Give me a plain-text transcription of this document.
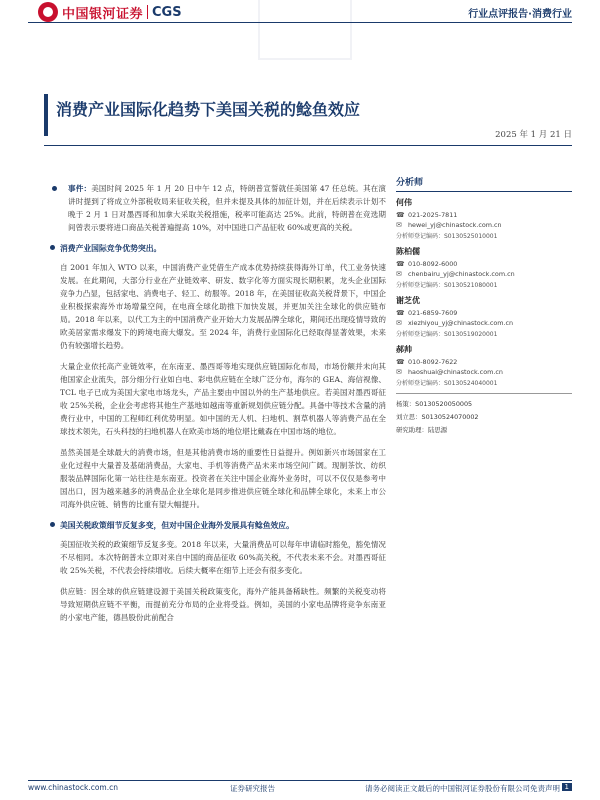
中国银河证券 CGS	行业点评报告·消费行业
消费产业国际化趋势下美国关税的鲶鱼效应
2025 年 1 月 21 日
事件：美国时间 2025 年 1 月 20 日中午 12 点，特朗普宣誓就任美国第 47 任总统。其在演讲时提到了将成立外部税收局来征收关税，但并未提及具体的加征计划，并在后续表示计划不晚于 2 月 1 日对墨西哥和加拿大采取关税措施，税率可能高达 25%。此前，特朗普在竞选期间曾表示要将进口商品关税普遍提高 10%，对中国进口产品征收 60%或更高的关税。
消费产业国际竞争优势突出。

自 2001 年加入 WTO 以来，中国消费产业凭借生产成本优势持续获得海外订单，代工业务快速发展。在此期间，大部分行业在产业链效率、研发、数字化等方面实现长期积累，龙头企业国际竞争力凸显，包括家电、消费电子、轻工、纺服等。2018 年，在美国征收高关税背景下，中国企业积极探索海外市场增量空间，在电商全球化助推下加快发展，并更加关注全球化的供应链布局。2018 年以来，以代工为主的中国消费产业开始大力发展品牌全球化，期间还出现疫情导致的欧美居家需求爆发下的跨境电商大爆发。至 2024 年，消费行业国际化已经取得显著效果，未来仍有较强增长趋势。

大量企业依托高产业链效率，在东南亚、墨西哥等地实现供应链国际化布局，市场份额并未向其他国家企业流失，部分细分行业如白电、彩电供应链在全球广泛分布，海尔的 GEA、海信视像、TCL 电子已成为美国大家电市场龙头，产品主要由中国以外的生产基地供应。若美国对墨西哥征收 25%关税，企业会考虑将其他生产基地如越南等重新规划供应链分配。具备中等技术含量的消费行业中，中国的工程师红利优势明显。如中国的无人机、扫地机、割草机器人等消费产品在全球技术领先，石头科技的扫地机器人在欧美市场的地位堪比戴森在中国市场的地位。

虽然美国是全球最大的消费市场，但是其他消费市场的重要性日益提升。例如新兴市场国家在工业化过程中大量普及基础消费品，大家电、手机等消费产品未来市场空间广阔。现制茶饮、纺织服装品牌国际化第一站往往是东南亚。投资者在关注中国企业海外业务时，可以不仅仅是参考中国出口，因为越来越多的消费品企业全球化是同步推进供应链全球化和品牌全球化，未来上市公司海外供应链、销售的比重有望大幅提升。

美国关税政策细节反复多变，但对中国企业海外发展具有鲶鱼效应。

美国征收关税的政策细节反复多变。2018 年以来，大量消费品可以每年申请临时豁免，豁免情况不尽相同。本次特朗普未立即对来自中国的商品征收 60%高关税，不代表未来不会。对墨西哥征收 25%关税，不代表会持续增收。后续大概率在细节上还会有很多变化。

供应链：因全球的供应链建设源于美国关税政策变化，海外产能具备稀缺性。频繁的关税变动将导致短期供应链不平衡，而提前充分布局的企业将受益。例如，美国的小家电品牌将竞争东南亚的小家电产能，德昌股份此前配合

分析师
何伟
☎ 021-2025-7811
✉ hewei_yj@chinastock.com.cn
分析师登记编码：S0130525010001
陈柏儒
☎ 010-8092-6000
✉ chenbairu_yj@chinastock.com.cn
分析师登记编码：S0130521080001
谢芝优
☎ 021-6859-7609
✉ xiezhiyou_yj@chinastock.com.cn
分析师登记编码：S0130519020001
郝帅
☎ 010-8092-7622
✉ haoshuai@chinastock.com.cn
分析师登记编码：S0130524040001
杨策：S0130520050005
刘立思：S0130524070002
研究助理：陆思源
www.chinastock.com.cn	证券研究报告	请务必阅读正文最后的中国银河证券股份有限公司免责声明 1
